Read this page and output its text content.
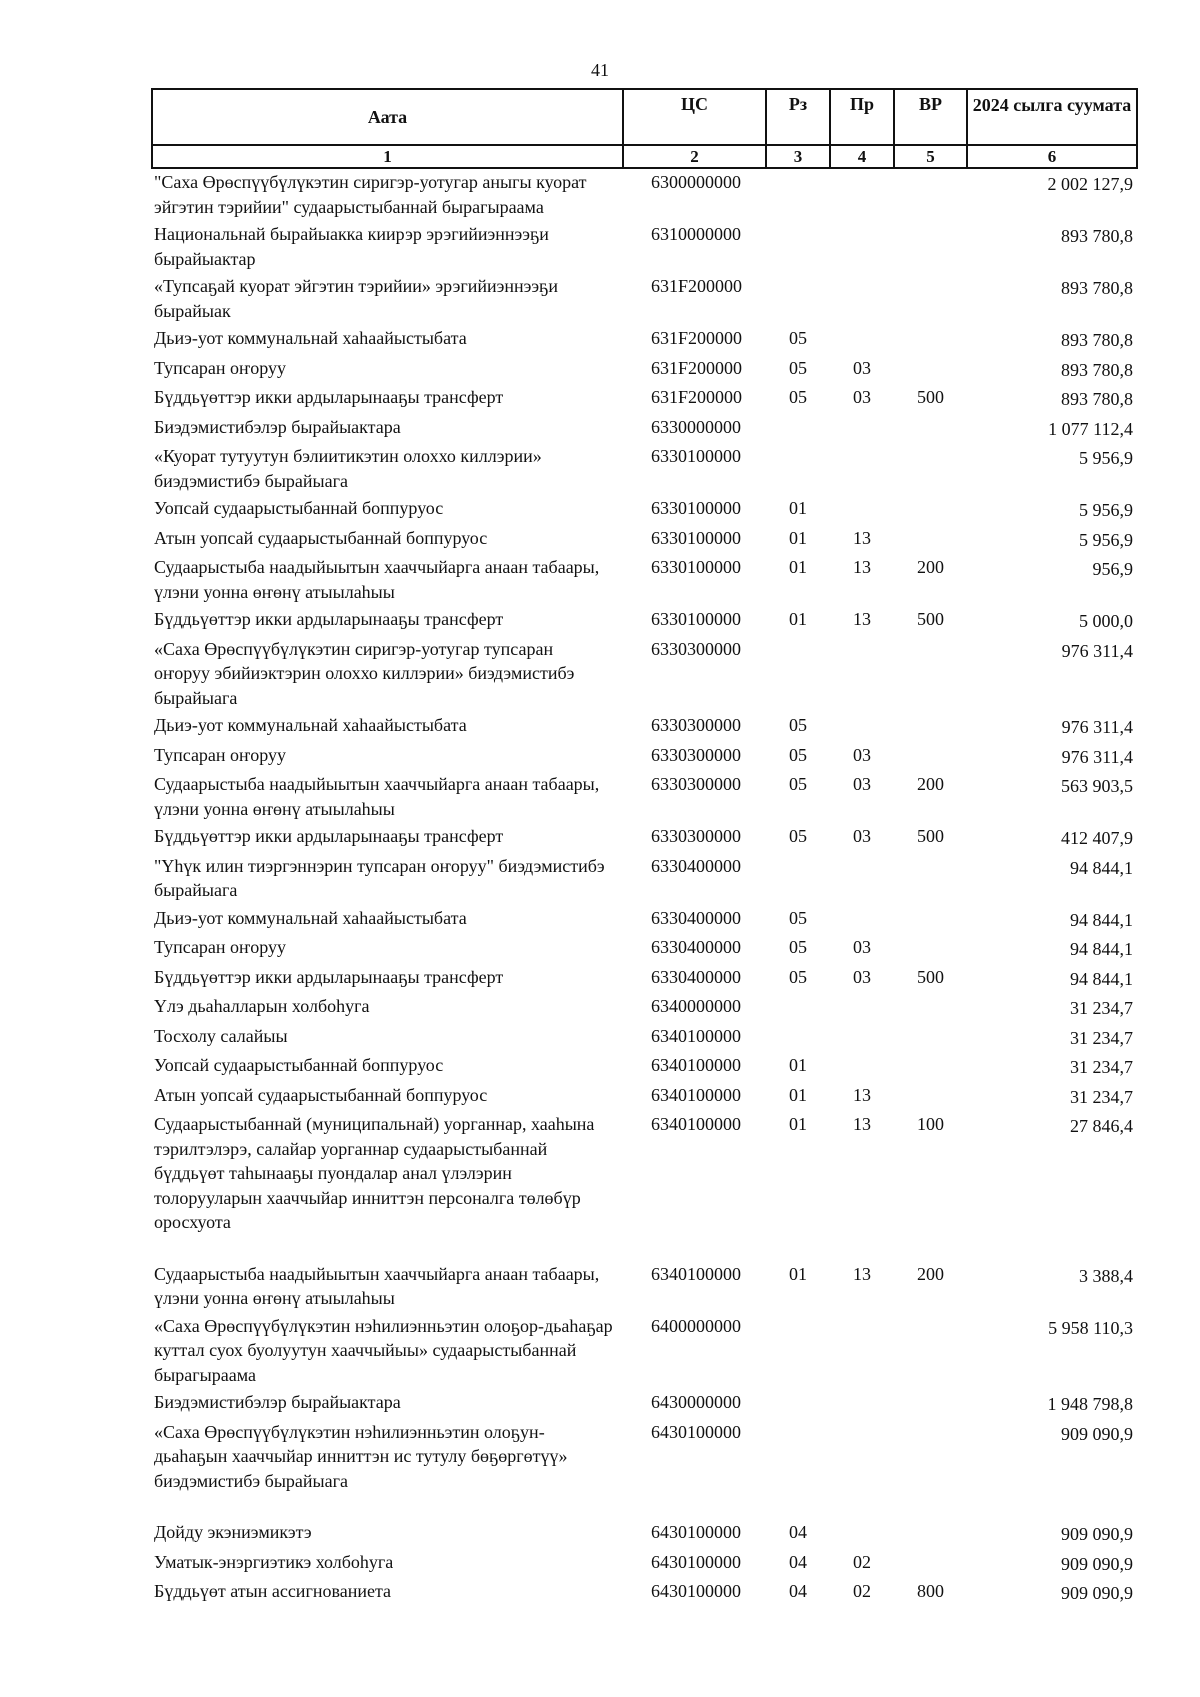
41
Аата	ЦС	Рз	Пр	ВР	2024 сылга суумата
1	2	3	4	5	6
"Саха Өрөспүүбүлүкэтин сиригэр-уотугар аныгы куорат эйгэтин тэрийии" судаарыстыбаннай бырагыраама	6300000000				2 002 127,9
Национальнай бырайыакка киирэр эрэгийиэннээҕи бырайыактар	6310000000				893 780,8
«Тупсаҕай куорат эйгэтин тэрийии» эрэгийиэннээҕи бырайыак	631F200000				893 780,8
Дьиэ-уот коммунальнай хаһаайыстыбата	631F200000	05			893 780,8
Тупсаран оҥоруу	631F200000	05	03		893 780,8
Бүддьүөттэр икки ардыларынааҕы трансферт	631F200000	05	03	500	893 780,8
Биэдэмистибэлэр бырайыактара	6330000000				1 077 112,4
«Куорат тутуутун бэлиитикэтин олоххо киллэрии» биэдэмистибэ бырайыага	6330100000				5 956,9
Уопсай судаарыстыбаннай боппуруос	6330100000	01			5 956,9
Атын уопсай судаарыстыбаннай боппуруос	6330100000	01	13		5 956,9
Судаарыстыба наадыйыытын хааччыйарга анаан табаары, үлэни уонна өҥөнү атыылаһыы	6330100000	01	13	200	956,9
Бүддьүөттэр икки ардыларынааҕы трансферт	6330100000	01	13	500	5 000,0
«Саха Өрөспүүбүлүкэтин сиригэр-уотугар тупсаран оҥоруу эбийиэктэрин олоххо киллэрии» биэдэмистибэ бырайыага	6330300000				976 311,4
Дьиэ-уот коммунальнай хаһаайыстыбата	6330300000	05			976 311,4
Тупсаран оҥоруу	6330300000	05	03		976 311,4
Судаарыстыба наадыйыытын хааччыйарга анаан табаары, үлэни уонна өҥөнү атыылаһыы	6330300000	05	03	200	563 903,5
Бүддьүөттэр икки ардыларынааҕы трансферт	6330300000	05	03	500	412 407,9
"Үһүк илин тиэргэннэрин тупсаран оҥоруу" биэдэмистибэ бырайыага	6330400000				94 844,1
Дьиэ-уот коммунальнай хаһаайыстыбата	6330400000	05			94 844,1
Тупсаран оҥоруу	6330400000	05	03		94 844,1
Бүддьүөттэр икки ардыларынааҕы трансферт	6330400000	05	03	500	94 844,1
Үлэ дьаһалларын холбоһуга	6340000000				31 234,7
Тосхолу салайыы	6340100000				31 234,7
Уопсай судаарыстыбаннай боппуруос	6340100000	01			31 234,7
Атын уопсай судаарыстыбаннай боппуруос	6340100000	01	13		31 234,7
Судаарыстыбаннай (муниципальнай) уорганнар, хааһына тэрилтэлэрэ, салайар уорганнар судаарыстыбаннай бүддьүөт таһынааҕы пуондалар анал үлэлэрин толорууларын хааччыйар инниттэн персоналга төлөбүр оросхуота	6340100000	01	13	100	27 846,4
Судаарыстыба наадыйыытын хааччыйарга анаан табаары, үлэни уонна өҥөнү атыылаһыы	6340100000	01	13	200	3 388,4
«Саха Өрөспүүбүлүкэтин нэһилиэнньэтин олоҕор-дьаһаҕар куттал суох буолуутун хааччыйыы» судаарыстыбаннай бырагыраама	6400000000				5 958 110,3
Биэдэмистибэлэр бырайыактара	6430000000				1 948 798,8
«Саха Өрөспүүбүлүкэтин нэһилиэнньэтин олоҕун-дьаһаҕын хааччыйар инниттэн ис тутулу бөҕөргөтүү» биэдэмистибэ бырайыага	6430100000				909 090,9
Дойду экэниэмикэтэ	6430100000	04			909 090,9
Уматык-энэргиэтикэ холбоһуга	6430100000	04	02		909 090,9
Бүддьүөт атын ассигнованиета	6430100000	04	02	800	909 090,9
